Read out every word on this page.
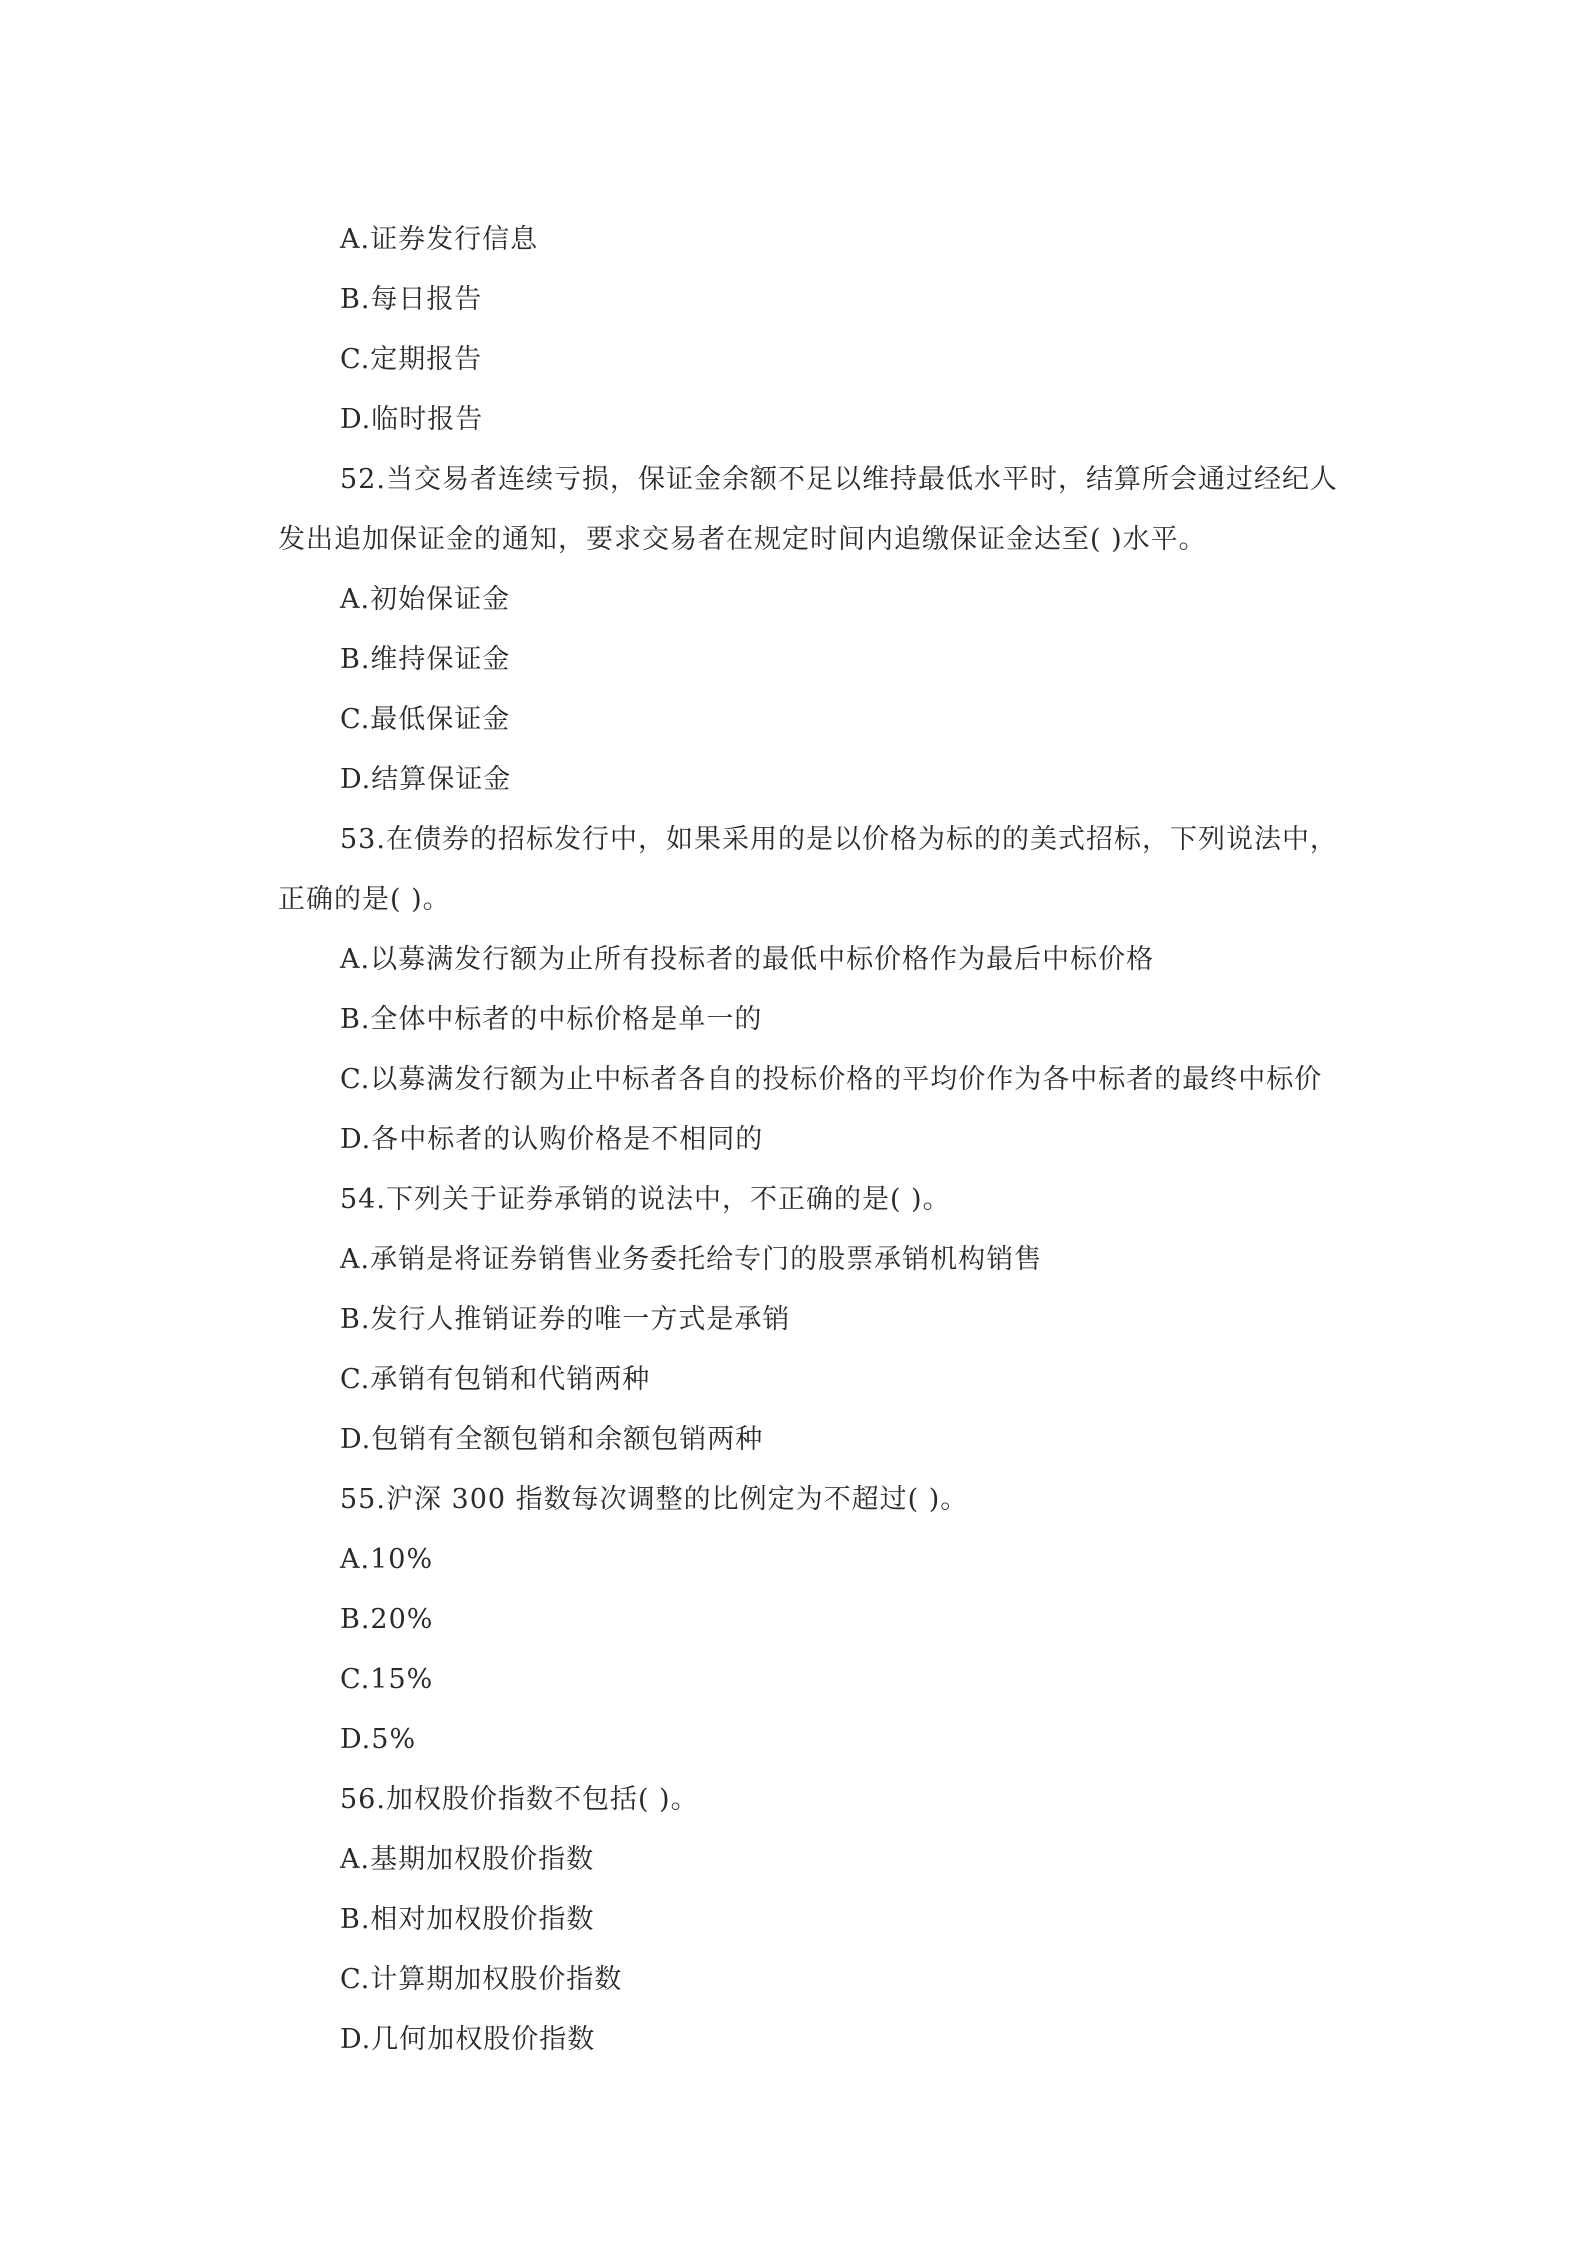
A.证券发行信息
B.每日报告
C.定期报告
D.临时报告
52.当交易者连续亏损，保证金余额不足以维持最低水平时，结算所会通过经纪人
发出追加保证金的通知，要求交易者在规定时间内追缴保证金达至( )水平。
A.初始保证金
B.维持保证金
C.最低保证金
D.结算保证金
53.在债券的招标发行中，如果采用的是以价格为标的的美式招标，下列说法中，
正确的是( )。
A.以募满发行额为止所有投标者的最低中标价格作为最后中标价格
B.全体中标者的中标价格是单一的
C.以募满发行额为止中标者各自的投标价格的平均价作为各中标者的最终中标价
D.各中标者的认购价格是不相同的
54.下列关于证券承销的说法中，不正确的是( )。
A.承销是将证券销售业务委托给专门的股票承销机构销售
B.发行人推销证券的唯一方式是承销
C.承销有包销和代销两种
D.包销有全额包销和余额包销两种
55.沪深 300 指数每次调整的比例定为不超过( )。
A.10%
B.20%
C.15%
D.5%
56.加权股价指数不包括( )。
A.基期加权股价指数
B.相对加权股价指数
C.计算期加权股价指数
D.几何加权股价指数
